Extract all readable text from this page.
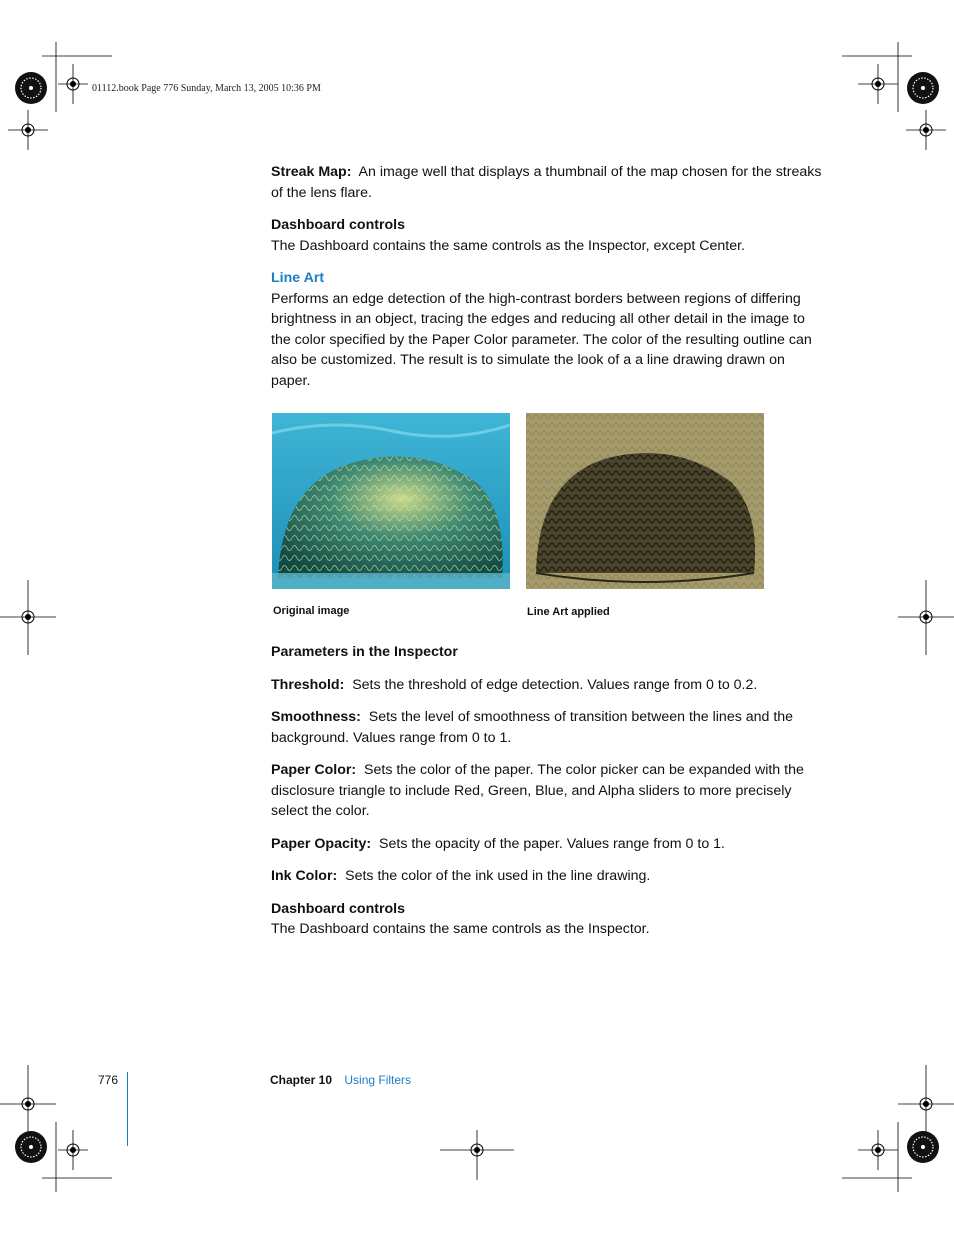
01112.book Page 776 Sunday, March 13, 2005 10:36 PM

Streak Map: An image well that displays a thumbnail of the map chosen for the streaks of the lens flare.

Dashboard controls

The Dashboard contains the same controls as the Inspector, except Center.

Line Art

Performs an edge detection of the high-contrast borders between regions of differing brightness in an object, tracing the edges and reducing all other detail in the image to the color specified by the Paper Color parameter. The color of the resulting outline can also be customized. The result is to simulate the look of a a line drawing drawn on paper.

Original image	Line Art applied

Parameters in the Inspector

Threshold: Sets the threshold of edge detection. Values range from 0 to 0.2.

Smoothness: Sets the level of smoothness of transition between the lines and the background. Values range from 0 to 1.

Paper Color: Sets the color of the paper. The color picker can be expanded with the disclosure triangle to include Red, Green, Blue, and Alpha sliders to more precisely select the color.

Paper Opacity: Sets the opacity of the paper. Values range from 0 to 1.

Ink Color: Sets the color of the ink used in the line drawing.

Dashboard controls

The Dashboard contains the same controls as the Inspector.

776	Chapter 10 Using Filters
